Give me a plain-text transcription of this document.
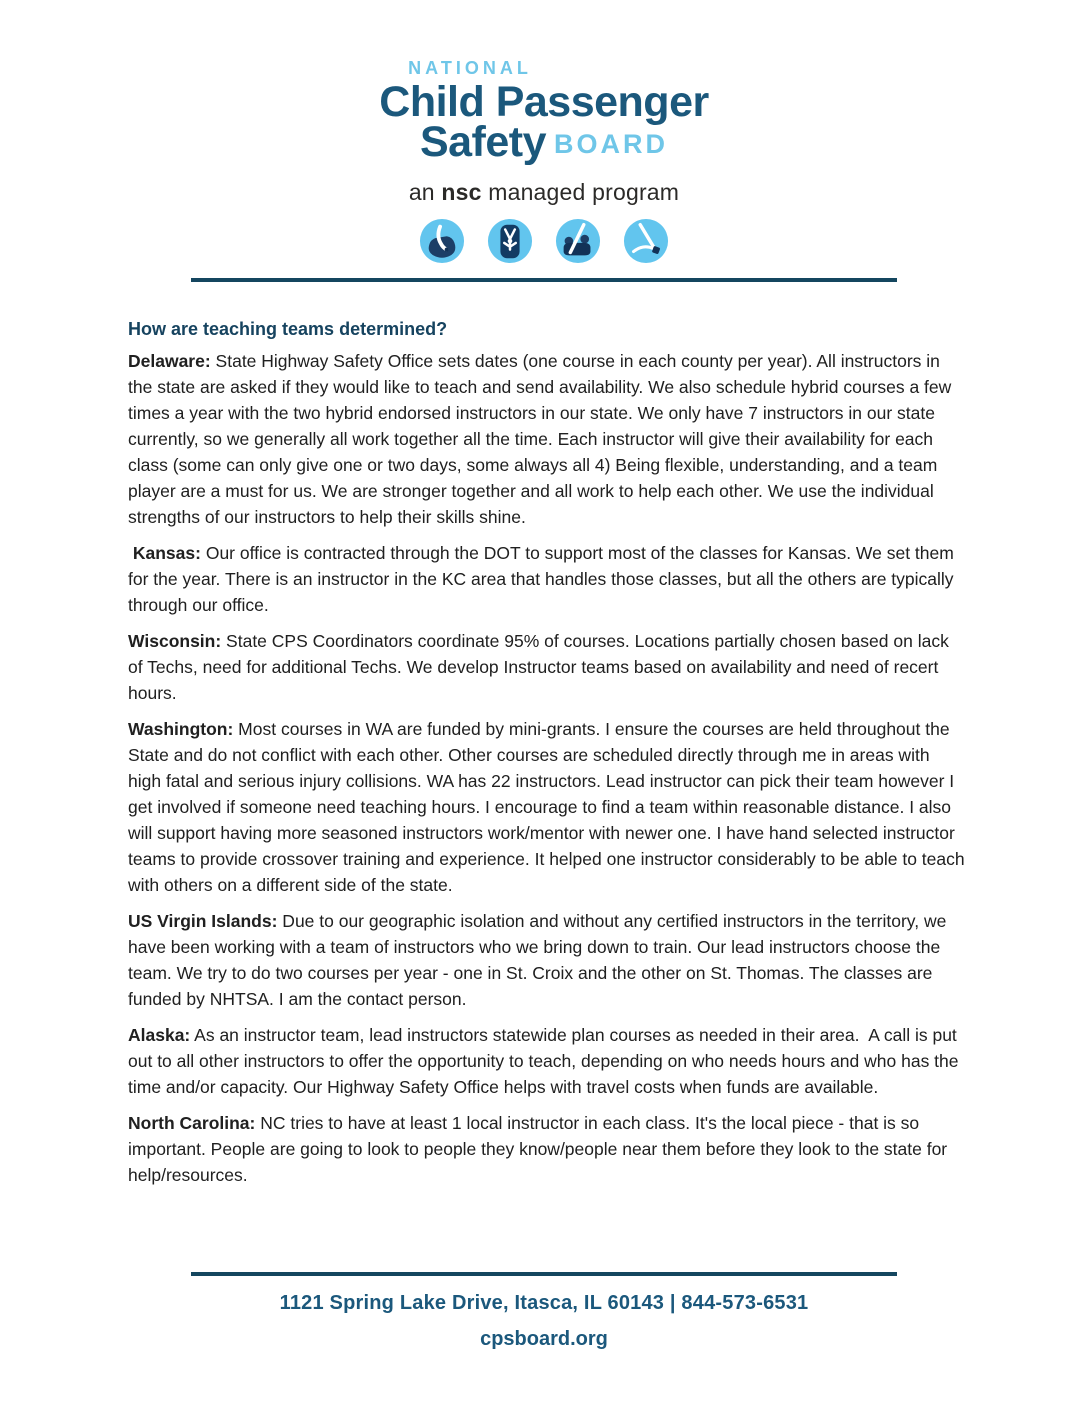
NATIONAL
Child Passenger
Safety BOARD
an nsc managed program
How are teaching teams determined?

Delaware: State Highway Safety Office sets dates (one course in each county per year). All instructors in the state are asked if they would like to teach and send availability. We also schedule hybrid courses a few times a year with the two hybrid endorsed instructors in our state. We only have 7 instructors in our state currently, so we generally all work together all the time. Each instructor will give their availability for each class (some can only give one or two days, some always all 4) Being flexible, understanding, and a team player are a must for us. We are stronger together and all work to help each other. We use the individual strengths of our instructors to help their skills shine.

Kansas: Our office is contracted through the DOT to support most of the classes for Kansas. We set them for the year. There is an instructor in the KC area that handles those classes, but all the others are typically through our office.

Wisconsin: State CPS Coordinators coordinate 95% of courses. Locations partially chosen based on lack of Techs, need for additional Techs. We develop Instructor teams based on availability and need of recert hours.

Washington: Most courses in WA are funded by mini-grants. I ensure the courses are held throughout the State and do not conflict with each other. Other courses are scheduled directly through me in areas with high fatal and serious injury collisions. WA has 22 instructors. Lead instructor can pick their team however I get involved if someone need teaching hours. I encourage to find a team within reasonable distance. I also will support having more seasoned instructors work/mentor with newer one. I have hand selected instructor teams to provide crossover training and experience. It helped one instructor considerably to be able to teach with others on a different side of the state.

US Virgin Islands: Due to our geographic isolation and without any certified instructors in the territory, we have been working with a team of instructors who we bring down to train. Our lead instructors choose the team. We try to do two courses per year - one in St. Croix and the other on St. Thomas. The classes are funded by NHTSA. I am the contact person.

Alaska: As an instructor team, lead instructors statewide plan courses as needed in their area.  A call is put out to all other instructors to offer the opportunity to teach, depending on who needs hours and who has the time and/or capacity. Our Highway Safety Office helps with travel costs when funds are available.

North Carolina: NC tries to have at least 1 local instructor in each class. It's the local piece - that is so important. People are going to look to people they know/people near them before they look to the state for help/resources.

1121 Spring Lake Drive, Itasca, IL 60143 | 844-573-6531
cpsboard.org
